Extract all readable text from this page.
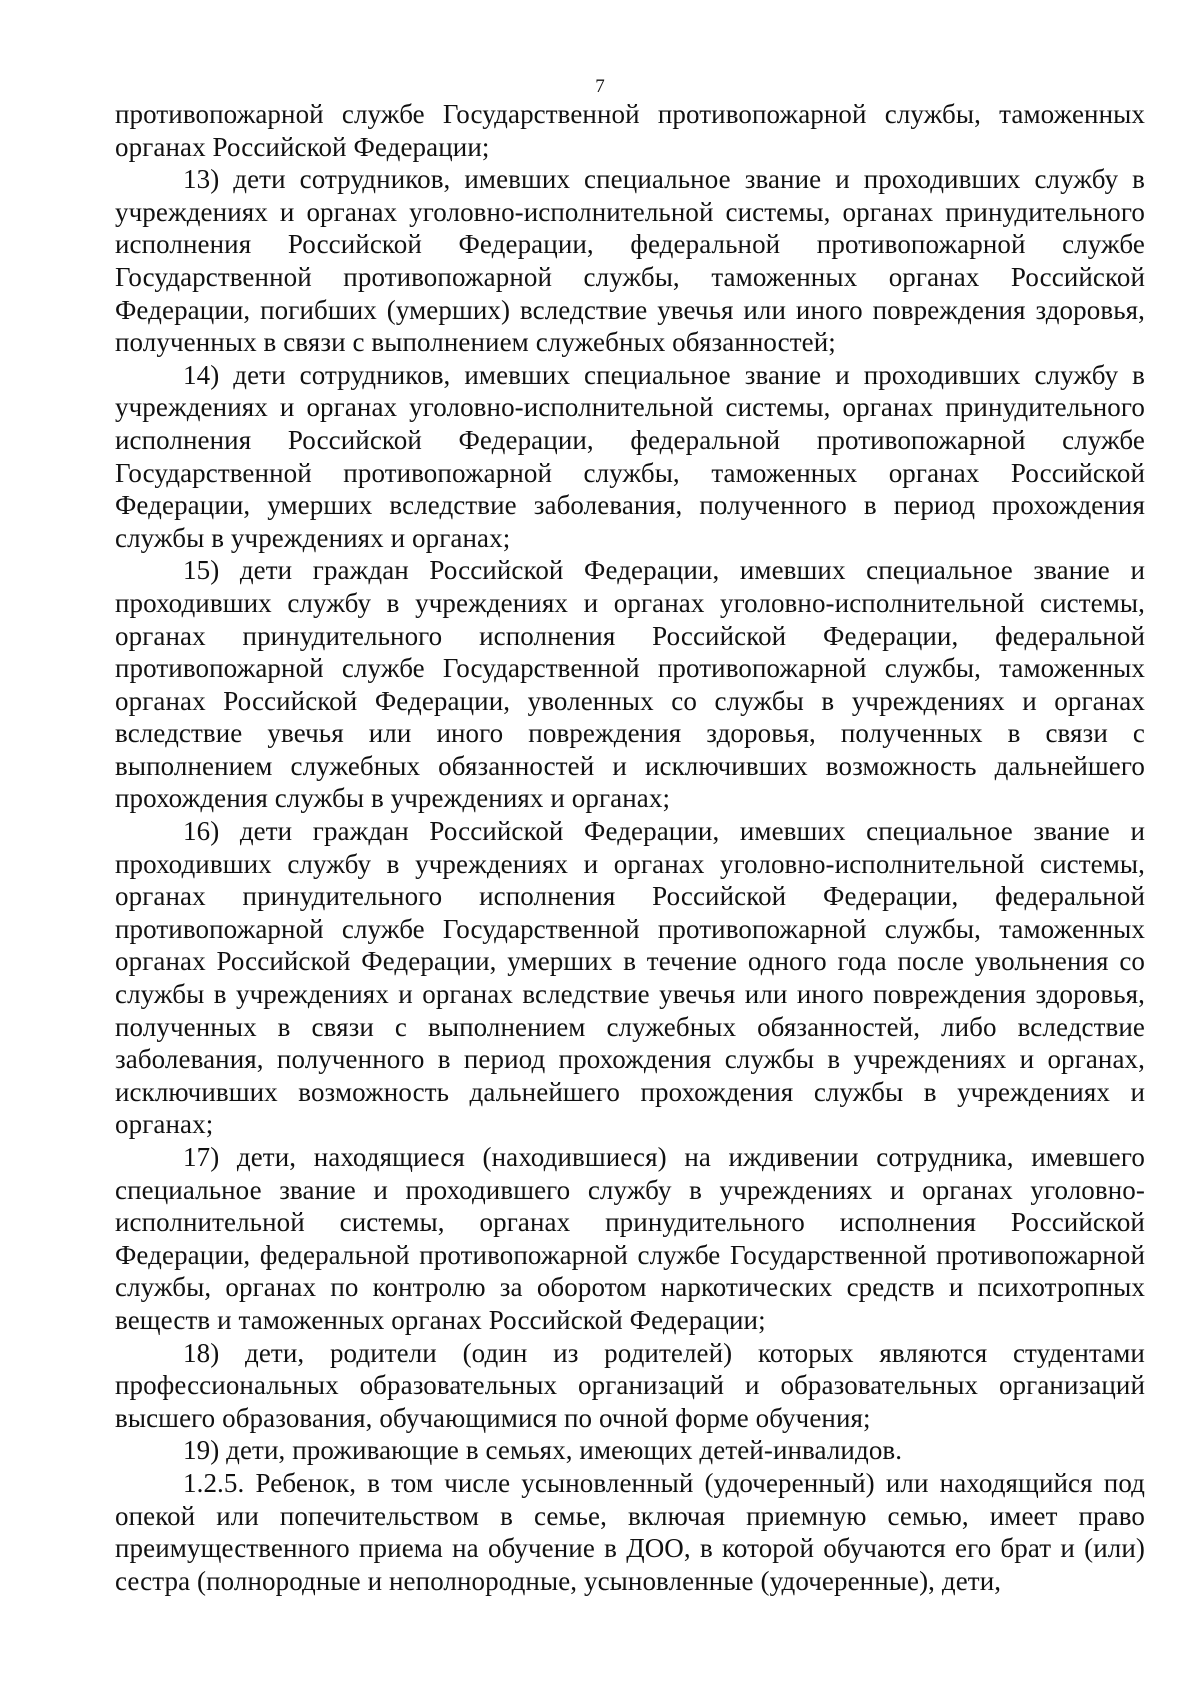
7

противопожарной службе Государственной противопожарной службы, таможенных органах Российской Федерации;

13) дети сотрудников, имевших специальное звание и проходивших службу в учреждениях и органах уголовно-исполнительной системы, органах принудительного исполнения Российской Федерации, федеральной противопожарной службе Государственной противопожарной службы, таможенных органах Российской Федерации, погибших (умерших) вследствие увечья или иного повреждения здоровья, полученных в связи с выполнением служебных обязанностей;

14) дети сотрудников, имевших специальное звание и проходивших службу в учреждениях и органах уголовно-исполнительной системы, органах принудительного исполнения Российской Федерации, федеральной противопожарной службе Государственной противопожарной службы, таможенных органах Российской Федерации, умерших вследствие заболевания, полученного в период прохождения службы в учреждениях и органах;

15) дети граждан Российской Федерации, имевших специальное звание и проходивших службу в учреждениях и органах уголовно-исполнительной системы, органах принудительного исполнения Российской Федерации, федеральной противопожарной службе Государственной противопожарной службы, таможенных органах Российской Федерации, уволенных со службы в учреждениях и органах вследствие увечья или иного повреждения здоровья, полученных в связи с выполнением служебных обязанностей и исключивших возможность дальнейшего прохождения службы в учреждениях и органах;

16) дети граждан Российской Федерации, имевших специальное звание и проходивших службу в учреждениях и органах уголовно-исполнительной системы, органах принудительного исполнения Российской Федерации, федеральной противопожарной службе Государственной противопожарной службы, таможенных органах Российской Федерации, умерших в течение одного года после увольнения со службы в учреждениях и органах вследствие увечья или иного повреждения здоровья, полученных в связи с выполнением служебных обязанностей, либо вследствие заболевания, полученного в период прохождения службы в учреждениях и органах, исключивших возможность дальнейшего прохождения службы в учреждениях и органах;

17) дети, находящиеся (находившиеся) на иждивении сотрудника, имевшего специальное звание и проходившего службу в учреждениях и органах уголовно-исполнительной системы, органах принудительного исполнения Российской Федерации, федеральной противопожарной службе Государственной противопожарной службы, органах по контролю за оборотом наркотических средств и психотропных веществ и таможенных органах Российской Федерации;

18) дети, родители (один из родителей) которых являются студентами профессиональных образовательных организаций и образовательных организаций высшего образования, обучающимися по очной форме обучения;

19) дети, проживающие в семьях, имеющих детей-инвалидов.

1.2.5. Ребенок, в том числе усыновленный (удочеренный) или находящийся под опекой или попечительством в семье, включая приемную семью, имеет право преимущественного приема на обучение в ДОО, в которой обучаются его брат и (или) сестра (полнородные и неполнородные, усыновленные (удочеренные), дети,
